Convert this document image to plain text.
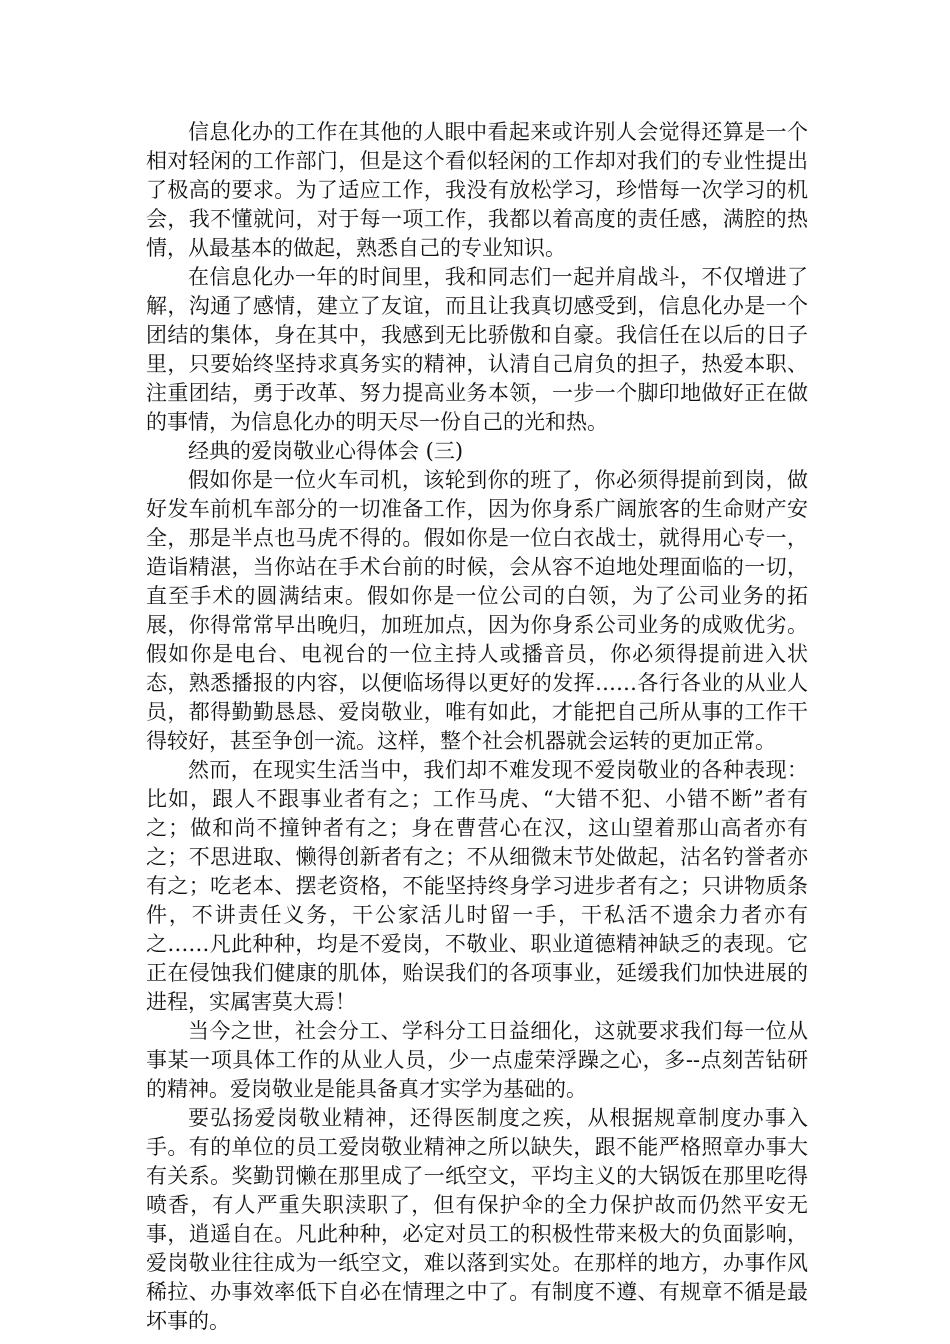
信息化办的工作在其他的人眼中看起来或许别人会觉得还算是一个相对轻闲的工作部门，但是这个看似轻闲的工作却对我们的专业性提出了极高的要求。为了适应工作，我没有放松学习，珍惜每一次学习的机会，我不懂就问，对于每一项工作，我都以着高度的责任感，满腔的热情，从最基本的做起，熟悉自己的专业知识。

在信息化办一年的时间里，我和同志们一起并肩战斗，不仅增进了解，沟通了感情，建立了友谊，而且让我真切感受到，信息化办是一个团结的集体，身在其中，我感到无比骄傲和自豪。我信任在以后的日子里，只要始终坚持求真务实的精神，认清自己肩负的担子，热爱本职、注重团结，勇于改革、努力提高业务本领，一步一个脚印地做好正在做的事情，为信息化办的明天尽一份自己的光和热。

经典的爱岗敬业心得体会 (三)

假如你是一位火车司机，该轮到你的班了，你必须得提前到岗，做好发车前机车部分的一切准备工作，因为你身系广阔旅客的生命财产安全，那是半点也马虎不得的。假如你是一位白衣战士，就得用心专一，造诣精湛，当你站在手术台前的时候，会从容不迫地处理面临的一切，直至手术的圆满结束。假如你是一位公司的白领，为了公司业务的拓展，你得常常早出晚归，加班加点，因为你身系公司业务的成败优劣。假如你是电台、电视台的一位主持人或播音员，你必须得提前进入状态，熟悉播报的内容，以便临场得以更好的发挥……各行各业的从业人员，都得勤勤恳恳、爱岗敬业，唯有如此，才能把自己所从事的工作干得较好，甚至争创一流。这样，整个社会机器就会运转的更加正常。

然而，在现实生活当中，我们却不难发现不爱岗敬业的各种表现：比如，跟人不跟事业者有之；工作马虎、“大错不犯、小错不断”者有之；做和尚不撞钟者有之；身在曹营心在汉，这山望着那山高者亦有之；不思进取、懒得创新者有之；不从细微末节处做起，沽名钓誉者亦有之；吃老本、摆老资格，不能坚持终身学习进步者有之；只讲物质条件，不讲责任义务，干公家活儿时留一手，干私活不遗余力者亦有之……凡此种种，均是不爱岗，不敬业、职业道德精神缺乏的表现。它正在侵蚀我们健康的肌体，贻误我们的各项事业，延缓我们加快进展的进程，实属害莫大焉！

当今之世，社会分工、学科分工日益细化，这就要求我们每一位从事某一项具体工作的从业人员，少一点虚荣浮躁之心，多--点刻苦钻研的精神。爱岗敬业是能具备真才实学为基础的。

要弘扬爱岗敬业精神，还得医制度之疾，从根据规章制度办事入手。有的单位的员工爱岗敬业精神之所以缺失，跟不能严格照章办事大有关系。奖勤罚懒在那里成了一纸空文，平均主义的大锅饭在那里吃得喷香，有人严重失职渎职了，但有保护伞的全力保护故而仍然平安无事，逍遥自在。凡此种种，必定对员工的积极性带来极大的负面影响，爱岗敬业往往成为一纸空文，难以落到实处。在那样的地方，办事作风稀拉、办事效率低下自必在情理之中了。有制度不遵、有规章不循是最坏事的。
